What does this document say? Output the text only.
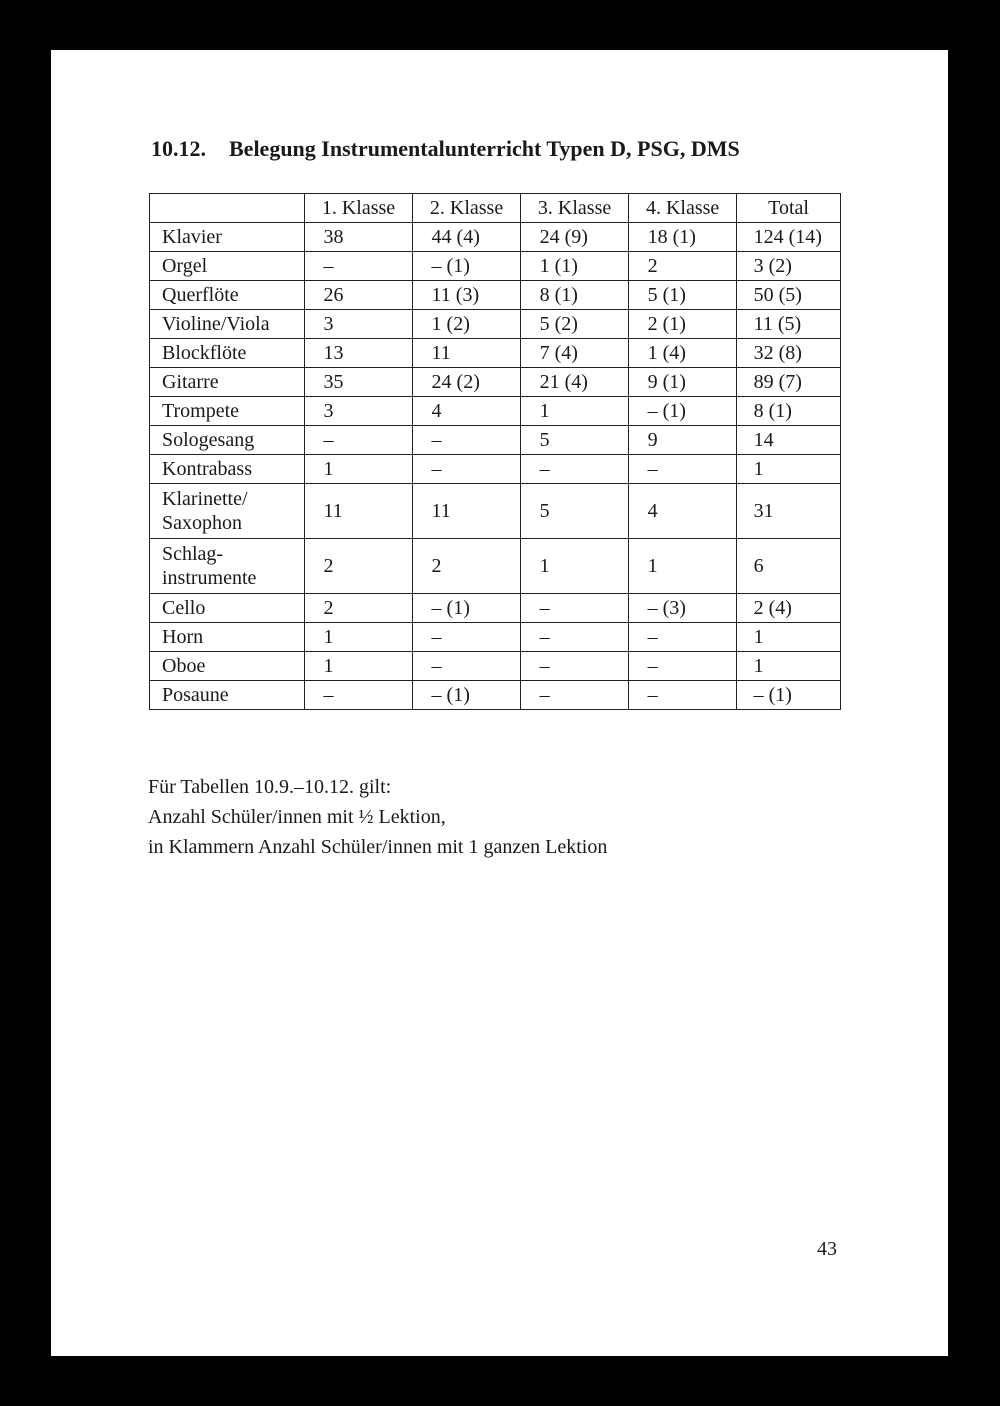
10.12. Belegung Instrumentalunterricht Typen D, PSG, DMS
	1. Klasse	2. Klasse	3. Klasse	4. Klasse	Total
Klavier	38	44 (4)	24 (9)	18 (1)	124 (14)
Orgel	–	– (1)	1 (1)	2	3 (2)
Querflöte	26	11 (3)	8 (1)	5 (1)	50 (5)
Violine/Viola	3	1 (2)	5 (2)	2 (1)	11 (5)
Blockflöte	13	11	7 (4)	1 (4)	32 (8)
Gitarre	35	24 (2)	21 (4)	9 (1)	89 (7)
Trompete	3	4	1	– (1)	8 (1)
Sologesang	–	–	5	9	14
Kontrabass	1	–	–	–	1
Klarinette/
Saxophon	11	11	5	4	31
Schlag-
instrumente	2	2	1	1	6
Cello	2	– (1)	–	– (3)	2 (4)
Horn	1	–	–	–	1
Oboe	1	–	–	–	1
Posaune	–	– (1)	–	–	– (1)
Für Tabellen 10.9.–10.12. gilt:
Anzahl Schüler/innen mit ½ Lektion,
in Klammern Anzahl Schüler/innen mit 1 ganzen Lektion
43
